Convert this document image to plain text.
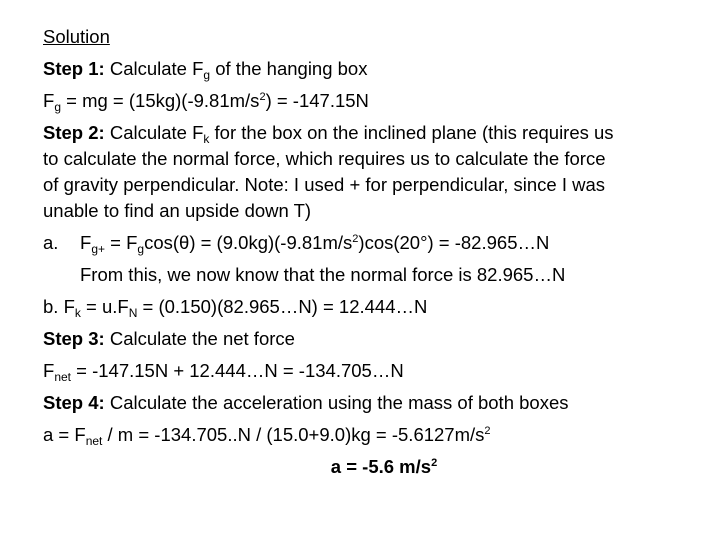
Solution
Step 1: Calculate $F_g$ of the hanging box
$F_g$ = mg = $(15kg)(-9.81m/s^2) = -147.15N$
Step 2: Calculate $F_k$ for the box on the inclined plane (this requires us
to calculate the normal force, which requires us to calculate the force
of gravity perpendicular. Note: I used + for perpendicular, since I was
unable to find an upside down T)
a. $F_{g+} = F_g\cos(\theta) = (9.0kg)(-9.81m/s^2)\cos(20^\circ)$ = -82.965…N
From this, we now know that the normal force is 82.965…N
b. $F_k = u.F_N$ = (0.150)(82.965…N) = 12.444…N
Step 3: Calculate the net force
$F_{net} = -147.15N$ + 12.444…N = -134.705…N
Step 4: Calculate the acceleration using the mass of both boxes
$a = F_{net} / m = -134.705..N / (15.0+9.0)kg = -5.6127m/s^2$
a = -5.6 $m/s^2$
